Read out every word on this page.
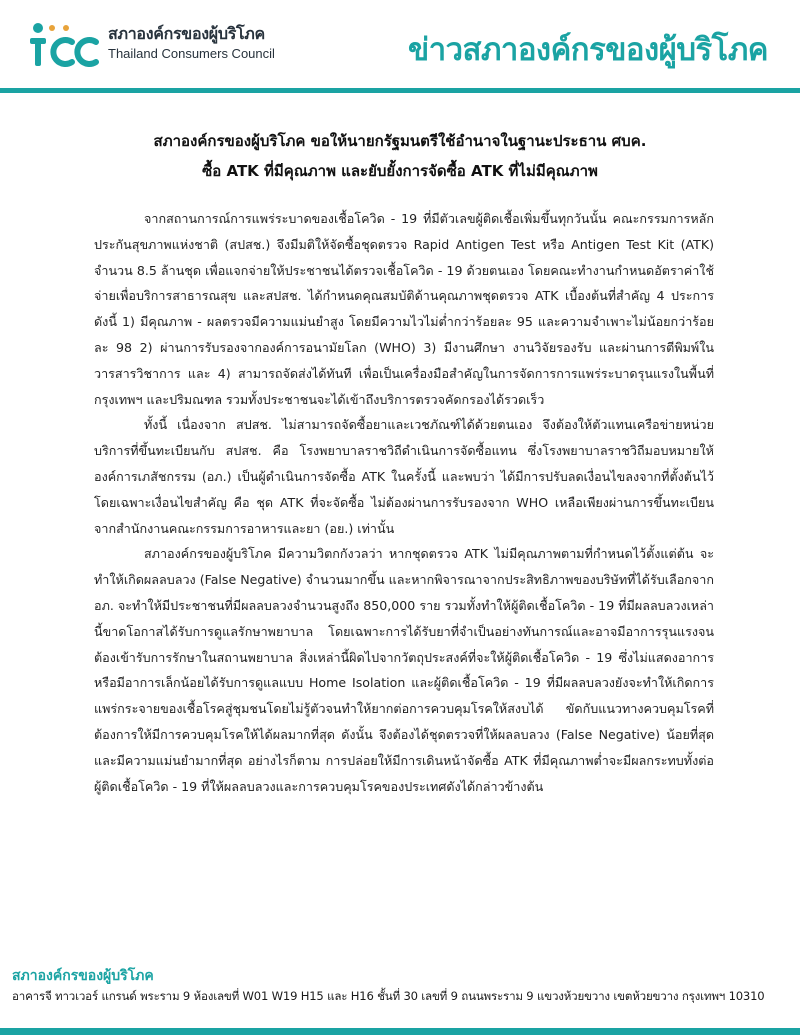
สภาองค์กรของผู้บริโภค
Thailand Consumers Council	ข่าวสภาองค์กรของผู้บริโภค
สภาองค์กรของผู้บริโภค ขอให้นายกรัฐมนตรีใช้อำนาจในฐานะประธาน ศบค.
ซื้อ ATK ที่มีคุณภาพ และยับยั้งการจัดซื้อ ATK ที่ไม่มีคุณภาพ

จากสถานการณ์การแพร่ระบาดของเชื้อโควิด - 19 ที่มีตัวเลขผู้ติดเชื้อเพิ่มขึ้นทุกวันนั้น คณะกรรมการหลักประกันสุขภาพแห่งชาติ (สปสช.) จึงมีมติให้จัดซื้อชุดตรวจ Rapid Antigen Test หรือ Antigen Test Kit (ATK) จำนวน 8.5 ล้านชุด เพื่อแจกจ่ายให้ประชาชนได้ตรวจเชื้อโควิด - 19 ด้วยตนเอง โดยคณะทำงานกำหนดอัตราค่าใช้จ่ายเพื่อบริการสาธารณสุข และสปสช. ได้กำหนดคุณสมบัติด้านคุณภาพชุดตรวจ ATK เบื้องต้นที่สำคัญ 4 ประการ ดังนี้ 1) มีคุณภาพ - ผลตรวจมีความแม่นยำสูง โดยมีความไวไม่ต่ำกว่าร้อยละ 95 และความจำเพาะไม่น้อยกว่าร้อยละ 98 2) ผ่านการรับรองจากองค์การอนามัยโลก (WHO) 3) มีงานศึกษา งานวิจัยรองรับ และผ่านการตีพิมพ์ในวารสารวิชาการ และ 4) สามารถจัดส่งได้ทันที เพื่อเป็นเครื่องมือสำคัญในการจัดการการแพร่ระบาดรุนแรงในพื้นที่กรุงเทพฯ และปริมณฑล รวมทั้งประชาชนจะได้เข้าถึงบริการตรวจคัดกรองได้รวดเร็ว

ทั้งนี้ เนื่องจาก สปสช. ไม่สามารถจัดซื้อยาและเวชภัณฑ์ได้ด้วยตนเอง จึงต้องให้ตัวแทนเครือข่ายหน่วยบริการที่ขึ้นทะเบียนกับ สปสช. คือ โรงพยาบาลราชวิถีดำเนินการจัดซื้อแทน ซึ่งโรงพยาบาลราชวิถีมอบหมายให้องค์การเภสัชกรรม (อภ.) เป็นผู้ดำเนินการจัดซื้อ ATK ในครั้งนี้ และพบว่า ได้มีการปรับลดเงื่อนไขลงจากที่ตั้งต้นไว้ โดยเฉพาะเงื่อนไขสำคัญ คือ ชุด ATK ที่จะจัดซื้อ ไม่ต้องผ่านการรับรองจาก WHO เหลือเพียงผ่านการขึ้นทะเบียนจากสำนักงานคณะกรรมการอาหารและยา (อย.) เท่านั้น

สภาองค์กรของผู้บริโภค มีความวิตกกังวลว่า หากชุดตรวจ ATK ไม่มีคุณภาพตามที่กำหนดไว้ตั้งแต่ต้น จะทำให้เกิดผลลบลวง (False Negative) จำนวนมากขึ้น และหากพิจารณาจากประสิทธิภาพของบริษัทที่ได้รับเลือกจาก อภ. จะทำให้มีประชาชนที่มีผลลบลวงจำนวนสูงถึง 850,000 ราย รวมทั้งทำให้ผู้ติดเชื้อโควิด - 19 ที่มีผลลบลวงเหล่านี้ขาดโอกาสได้รับการดูแลรักษาพยาบาล โดยเฉพาะการได้รับยาที่จำเป็นอย่างทันการณ์และอาจมีอาการรุนแรงจนต้องเข้ารับการรักษาในสถานพยาบาล สิ่งเหล่านี้ผิดไปจากวัตถุประสงค์ที่จะให้ผู้ติดเชื้อโควิด - 19 ซึ่งไม่แสดงอาการหรือมีอาการเล็กน้อยได้รับการดูแลแบบ Home Isolation และผู้ติดเชื้อโควิด - 19 ที่มีผลลบลวงยังจะทำให้เกิดการแพร่กระจายของเชื้อโรคสู่ชุมชนโดยไม่รู้ตัวจนทำให้ยากต่อการควบคุมโรคให้สงบได้ ขัดกับแนวทางควบคุมโรคที่ต้องการให้มีการควบคุมโรคให้ได้ผลมากที่สุด ดังนั้น จึงต้องได้ชุดตรวจที่ให้ผลลบลวง (False Negative) น้อยที่สุด และมีความแม่นยำมากที่สุด อย่างไรก็ตาม การปล่อยให้มีการเดินหน้าจัดซื้อ ATK ที่มีคุณภาพต่ำจะมีผลกระทบทั้งต่อผู้ติดเชื้อโควิด - 19 ที่ให้ผลลบลวงและการควบคุมโรคของประเทศดังได้กล่าวข้างต้น

สภาองค์กรของผู้บริโภค
อาคารจี ทาวเวอร์ แกรนด์ พระราม 9 ห้องเลขที่ W01 W19 H15 และ H16 ชั้นที่ 30 เลขที่ 9 ถนนพระราม 9 แขวงห้วยขวาง เขตห้วยขวาง กรุงเทพฯ 10310
